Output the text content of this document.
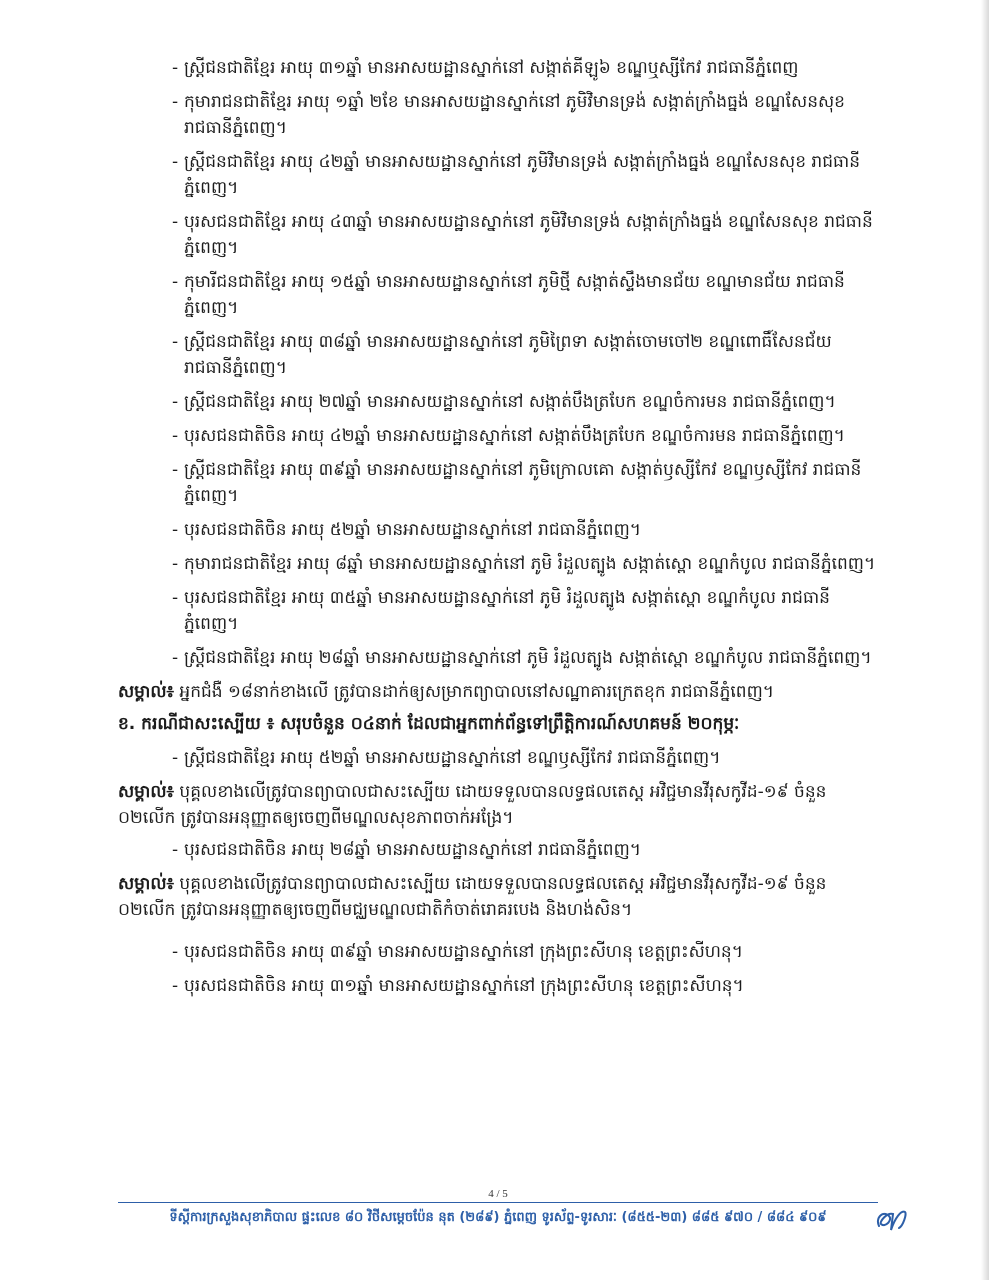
- ស្រ្តីជនជាតិខ្មែរ អាយុ ៣១ឆ្នាំ មានអាសយដ្ឋានស្នាក់នៅ សង្កាត់គីឡូ៦ ខណ្ឌឬស្សីកែវ រាជធានីភ្នំពេញ
- កុមារាជនជាតិខ្មែរ អាយុ ១ឆ្នាំ ២ខែ មានអាសយដ្ឋានស្នាក់នៅ ភូមិវិមានទ្រង់ សង្កាត់ក្រាំងធ្នង់ ខណ្ឌសែនសុខ រាជធានីភ្នំពេញ។
- ស្រ្តីជនជាតិខ្មែរ អាយុ ៤២ឆ្នាំ មានអាសយដ្ឋានស្នាក់នៅ ភូមិវិមានទ្រង់ សង្កាត់ក្រាំងធ្នង់ ខណ្ឌសែនសុខ រាជធានីភ្នំពេញ។
- បុរសជនជាតិខ្មែរ អាយុ ៤៣ឆ្នាំ មានអាសយដ្ឋានស្នាក់នៅ ភូមិវិមានទ្រង់ សង្កាត់ក្រាំងធ្នង់ ខណ្ឌសែនសុខ រាជធានីភ្នំពេញ។
- កុមារីជនជាតិខ្មែរ អាយុ ១៥ឆ្នាំ មានអាសយដ្ឋានស្នាក់នៅ ភូមិថ្មី សង្កាត់ស្ទឹងមានជ័យ ខណ្ឌមានជ័យ រាជធានីភ្នំពេញ។
- ស្រ្តីជនជាតិខ្មែរ អាយុ ៣៨ឆ្នាំ មានអាសយដ្ឋានស្នាក់នៅ ភូមិព្រៃទា សង្កាត់ចោមចៅ២ ខណ្ឌពោធិ៍សែនជ័យ រាជធានីភ្នំពេញ។
- ស្រ្តីជនជាតិខ្មែរ អាយុ ២៧ឆ្នាំ មានអាសយដ្ឋានស្នាក់នៅ សង្កាត់បឹងត្របែក ខណ្ឌចំការមន រាជធានីភ្នំពេញ។
- បុរសជនជាតិចិន អាយុ ៤២ឆ្នាំ មានអាសយដ្ឋានស្នាក់នៅ សង្កាត់បឹងត្របែក ខណ្ឌចំការមន រាជធានីភ្នំពេញ។
- ស្រ្តីជនជាតិខ្មែរ អាយុ ៣៩ឆ្នាំ មានអាសយដ្ឋានស្នាក់នៅ ភូមិក្រោលគោ សង្កាត់ឫស្សីកែវ ខណ្ឌឫស្សីកែវ រាជធានីភ្នំពេញ។
- បុរសជនជាតិចិន អាយុ ៥២ឆ្នាំ មានអាសយដ្ឋានស្នាក់នៅ រាជធានីភ្នំពេញ។
- កុមារាជនជាតិខ្មែរ អាយុ ៨ឆ្នាំ មានអាសយដ្ឋានស្នាក់នៅ ភូមិ រំដួលត្បូង សង្កាត់ស្ពោ ខណ្ឌកំបូល រាជធានីភ្នំពេញ។
- បុរសជនជាតិខ្មែរ អាយុ ៣៥ឆ្នាំ មានអាសយដ្ឋានស្នាក់នៅ ភូមិ រំដួលត្បូង សង្កាត់ស្ពោ ខណ្ឌកំបូល រាជធានីភ្នំពេញ។
- ស្រ្តីជនជាតិខ្មែរ អាយុ ២៨ឆ្នាំ មានអាសយដ្ឋានស្នាក់នៅ ភូមិ រំដួលត្បូង សង្កាត់ស្ពោ ខណ្ឌកំបូល រាជធានីភ្នំពេញ។
សម្គាល់៖ អ្នកជំងឺ ១៨នាក់ខាងលើ ត្រូវបានដាក់ឲ្យសម្រាកព្យាបាលនៅសណ្ឋាគារក្រេតខុក រាជធានីភ្នំពេញ។
ខ. ករណីជាសះស្បើយ ៖ សរុបចំនួន ០៤នាក់ ដែលជាអ្នកពាក់ព័ន្ធទៅព្រឹត្តិការណ៍សហគមន៍ ២០កុម្ភៈ
- ស្រ្តីជនជាតិខ្មែរ អាយុ ៥២ឆ្នាំ មានអាសយដ្ឋានស្នាក់នៅ ខណ្ឌឫស្សីកែវ រាជធានីភ្នំពេញ។
សម្គាល់៖ បុគ្គលខាងលើត្រូវបានព្យាបាលជាសះស្បើយ ដោយទទួលបានលទ្ធផលតេស្ត អវិជ្ជមានវីរុសកូវីដ-១៩ ចំនួន ០២លើក ត្រូវបានអនុញ្ញាតឲ្យចេញពីមណ្ឌលសុខភាពចាក់អង្រែ។
- បុរសជនជាតិចិន អាយុ ២៨ឆ្នាំ មានអាសយដ្ឋានស្នាក់នៅ រាជធានីភ្នំពេញ។
សម្គាល់៖ បុគ្គលខាងលើត្រូវបានព្យាបាលជាសះស្បើយ ដោយទទួលបានលទ្ធផលតេស្ត អវិជ្ជមានវីរុសកូវីដ-១៩ ចំនួន ០២លើក ត្រូវបានអនុញ្ញាតឲ្យចេញពីមជ្ឈមណ្ឌលជាតិកំចាត់រោគរបេង និងហង់សិន។
- បុរសជនជាតិចិន អាយុ ៣៩ឆ្នាំ មានអាសយដ្ឋានស្នាក់នៅ ក្រុងព្រះសីហនុ ខេត្តព្រះសីហនុ។
- បុរសជនជាតិចិន អាយុ ៣១ឆ្នាំ មានអាសយដ្ឋានស្នាក់នៅ ក្រុងព្រះសីហនុ ខេត្តព្រះសីហនុ។
4 / 5
ទីស្តីការក្រសួងសុខាភិបាល ផ្ទះលេខ ៨០ វិថីសម្តេចប៉ែន នុត (២៨៩) ភ្នំពេញ ទូរស័ព្ទ-ទូរសារៈ (៨៥៥-២៣) ៨៨៥ ៩៧០ / ៨៨៤ ៩០៩
